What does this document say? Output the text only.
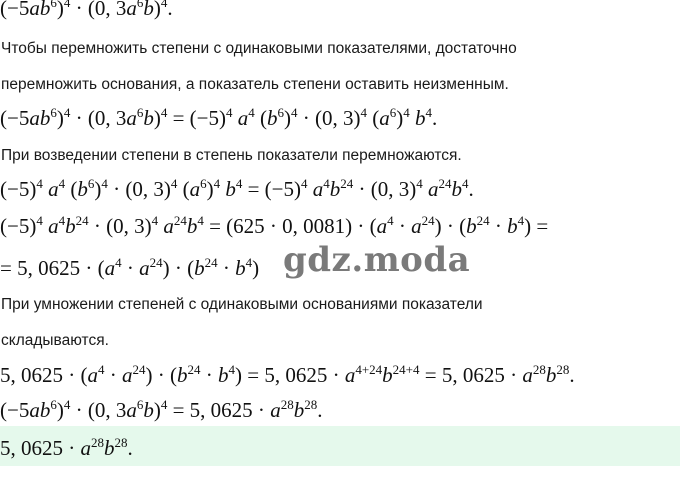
$(-5ab^6)^4 \cdot (0$, $3a^6b)^4$.
Чтобы перемножить степени с одинаковыми показателями, достаточно
перемножить основания, а показатель степени оставить неизменным.
$(-5ab^6)^4 \cdot (0$, $3a^6b)^4 = (-5)^4$ $a^4$ $(b^6)^4 \cdot (0$, 3)$^4$ $(a^6)^4$ $b^4$.
При возведении степени в степень показатели перемножаются.
$(-5)^4$ $a^4$ $(b^6)^4 \cdot (0$, 3)$^4$ $(a^6)^4$ $b^4 = (-5)^4$ $a^4b^{24} \cdot (0$, 3)$^4$ $a^{24}b^4$.
$(-5)^4$ $a^4b^{24} \cdot (0$, 3)$^4$ $a^{24}b^4 = (625 \cdot 0$, $0081) \cdot (a^4 \cdot a^{24}) \cdot (b^{24} \cdot b^4)$ =
= 5, $0625 \cdot (a^4 \cdot a^{24}) \cdot (b^{24} \cdot b^4)$ gdz.moda
При умножении степеней с одинаковыми основаниями показатели
складываются.
5, $0625 \cdot (a^4 \cdot a^{24}) \cdot (b^{24} \cdot b^4) = 5$, $0625 \cdot a^{4+24}b^{24+4} = 5$, $0625 \cdot a^{28}b^{28}$.
$(-5ab^6)^4 \cdot (0$, $3a^6b)^4 = 5$, $0625 \cdot a^{28}b^{28}$.
5, $0625 \cdot a^{28}b^{28}$.
